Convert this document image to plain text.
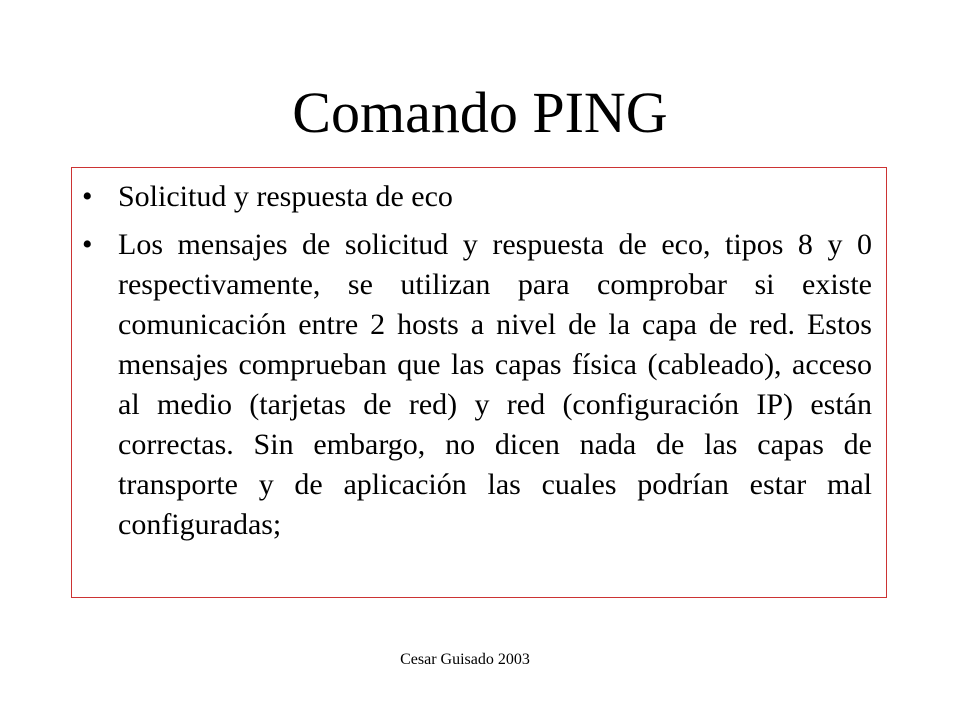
Comando PING
• Solicitud y respuesta de eco
• Los mensajes de solicitud y respuesta de eco, tipos 8 y 0 respectivamente, se utilizan para comprobar si existe comunicación entre 2 hosts a nivel de la capa de red. Estos mensajes comprueban que las capas física (cableado), acceso al medio (tarjetas de red) y red (configuración IP) están correctas. Sin embargo, no dicen nada de las capas de transporte y de aplicación las cuales podrían estar mal configuradas;
Cesar Guisado 2003
